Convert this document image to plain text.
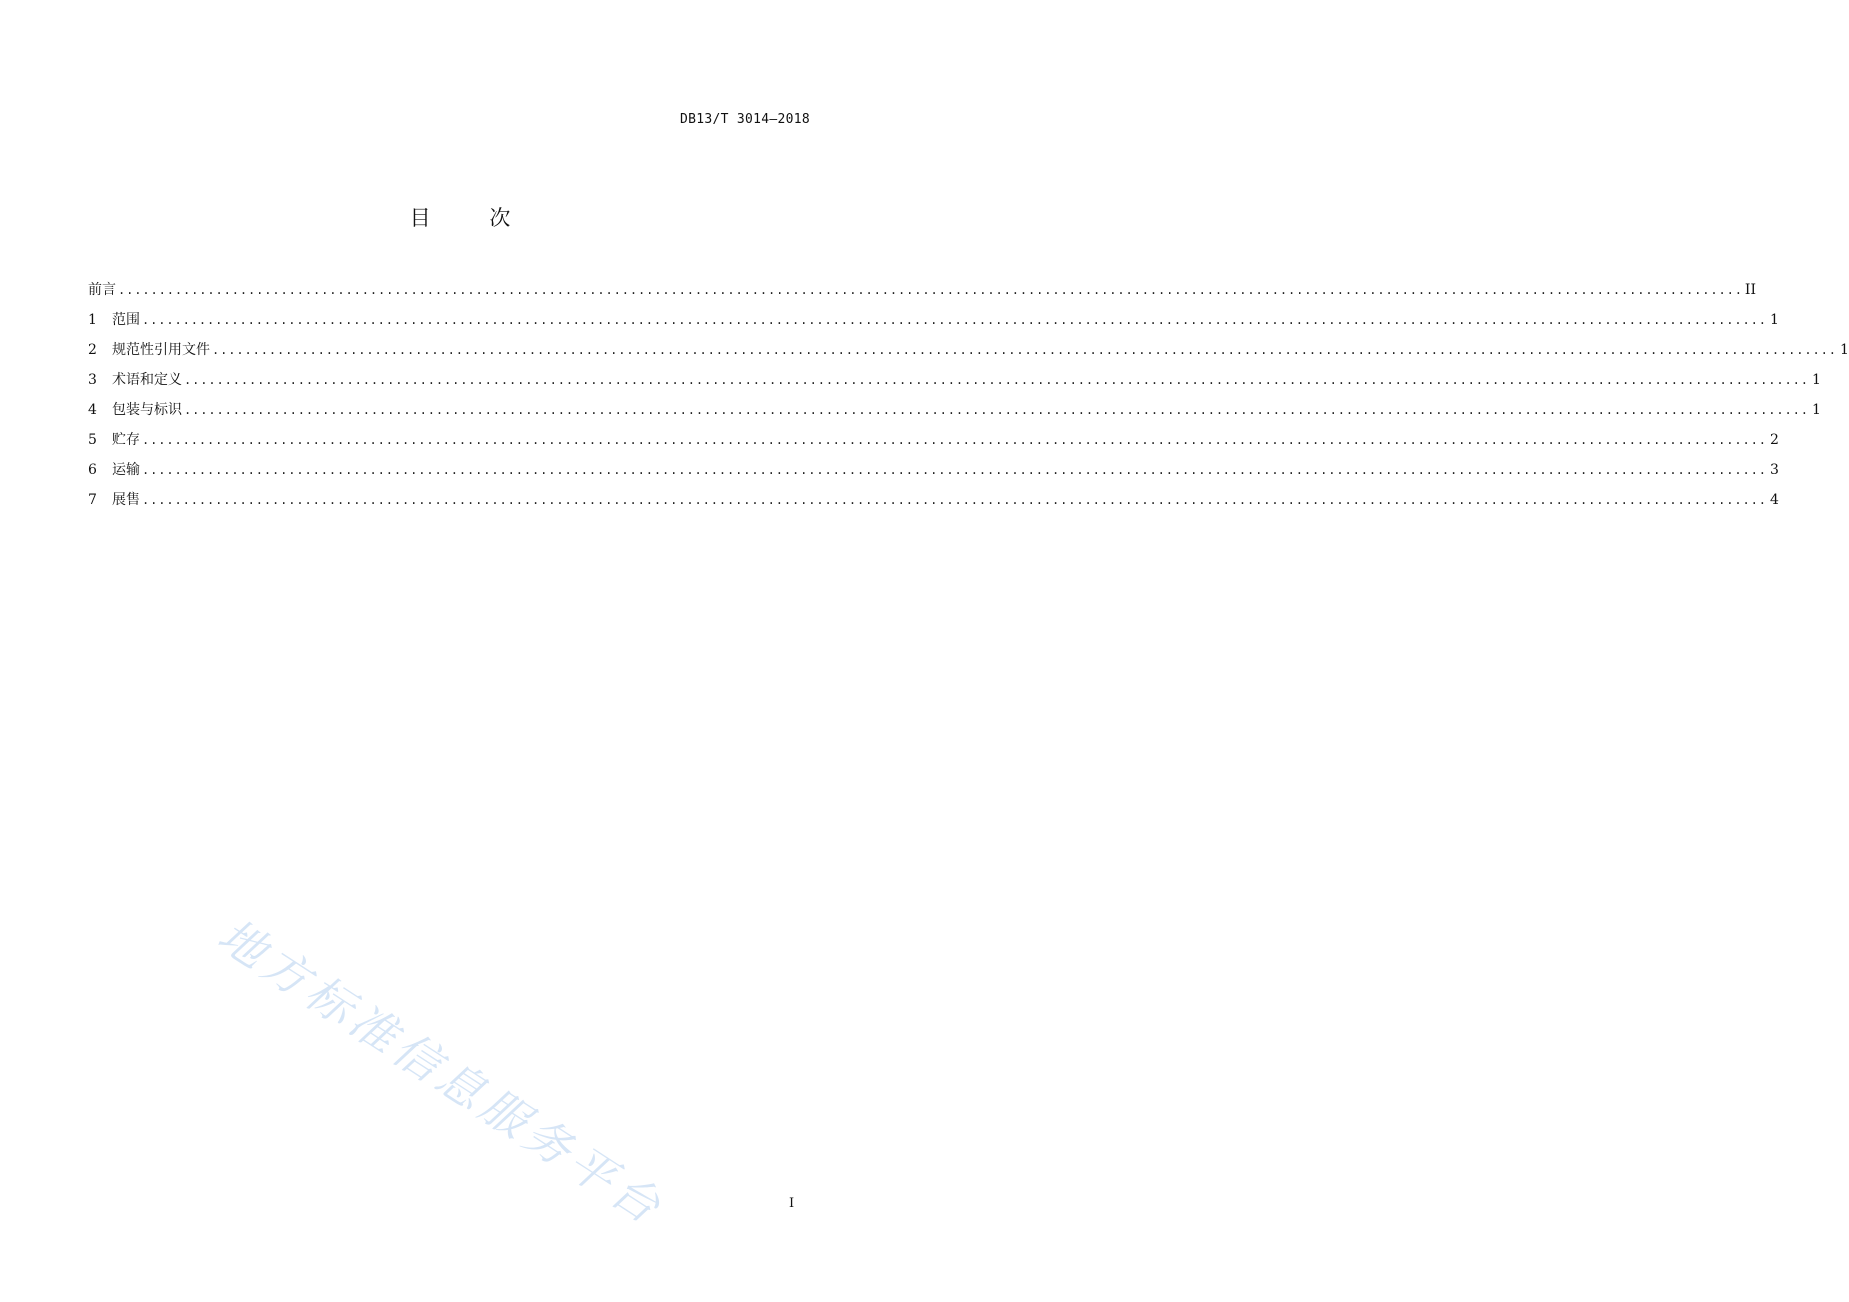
DB13/T 3014—2018
目 次
前言 ........................................................................................................................................................................................................ II
1	范围 ........................................................................................................................................................................................................ 1
2	规范性引用文件 ........................................................................................................................................................................................................ 1
3	术语和定义 ........................................................................................................................................................................................................ 1
4	包装与标识 ........................................................................................................................................................................................................ 1
5	贮存 ........................................................................................................................................................................................................ 2
6	运输 ........................................................................................................................................................................................................ 3
7	展售 ........................................................................................................................................................................................................ 4
地方标准信息服务平台	I
